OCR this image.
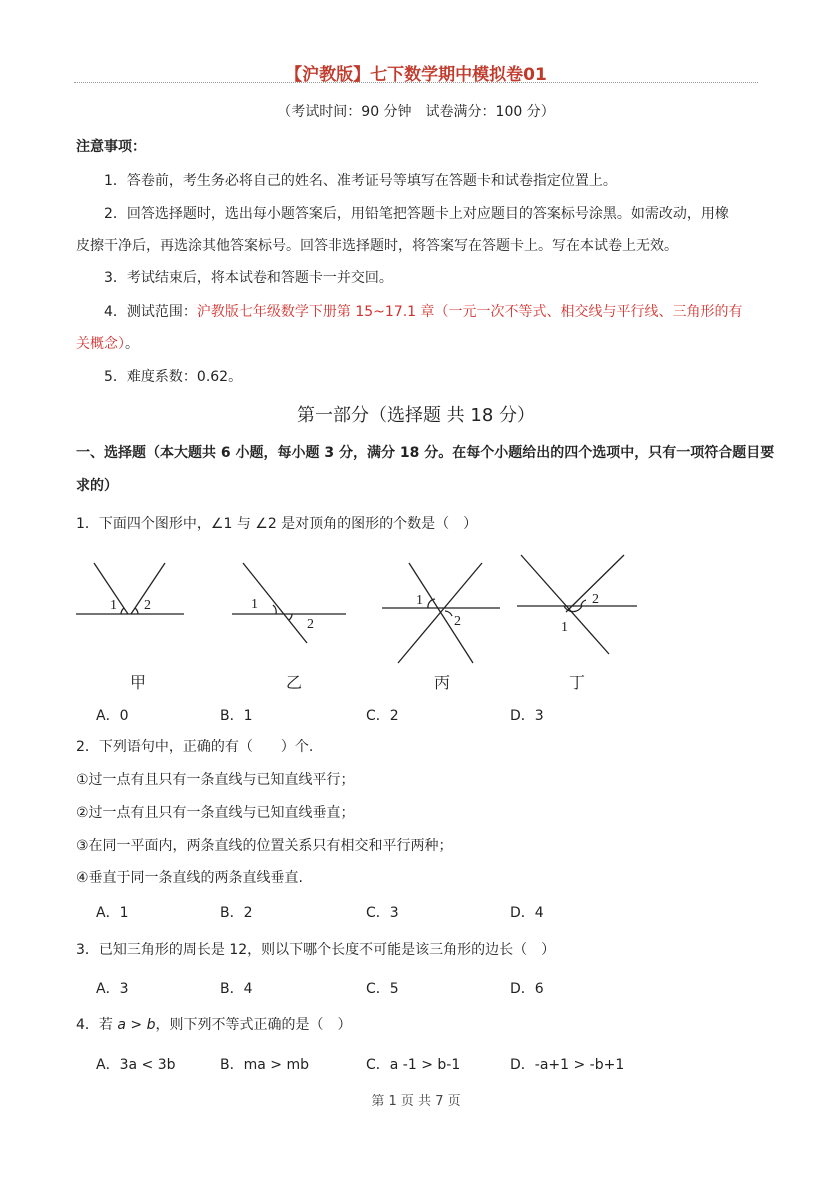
【沪教版】七下数学期中模拟卷01
（考试时间：90 分钟　试卷满分：100 分）
注意事项：
1．答卷前，考生务必将自己的姓名、准考证号等填写在答题卡和试卷指定位置上。
2．回答选择题时，选出每小题答案后，用铅笔把答题卡上对应题目的答案标号涂黑。如需改动，用橡
皮擦干净后，再选涂其他答案标号。回答非选择题时，将答案写在答题卡上。写在本试卷上无效。
3．考试结束后，将本试卷和答题卡一并交回。
4．测试范围：沪教版七年级数学下册第 15~17.1 章（一元一次不等式、相交线与平行线、三角形的有
关概念）。
5．难度系数：0.62。
第一部分（选择题 共 18 分）
一、选择题（本大题共 6 小题，每小题 3 分，满分 18 分。在每个小题给出的四个选项中，只有一项符合题目要
求的）
1．下面四个图形中，∠1 与 ∠2 是对顶角的图形的个数是（　）
1 2	1
2
1
2	1
2
甲	乙	丙	丁
A．0	B．1	C．2	D．3
2．下列语句中，正确的有（　　）个.
①过一点有且只有一条直线与已知直线平行；
②过一点有且只有一条直线与已知直线垂直；
③在同一平面内，两条直线的位置关系只有相交和平行两种；
④垂直于同一条直线的两条直线垂直.
A．1	B．2	C．3	D．4
3．已知三角形的周长是 12，则以下哪个长度不可能是该三角形的边长（　）
A．3	B．4	C．5	D．6
4．若 a > b，则下列不等式正确的是（　）
A．3a < 3b	B．ma > mb	C．a -1 > b-1	D．-a+1 > -b+1
第 1 页 共 7 页
